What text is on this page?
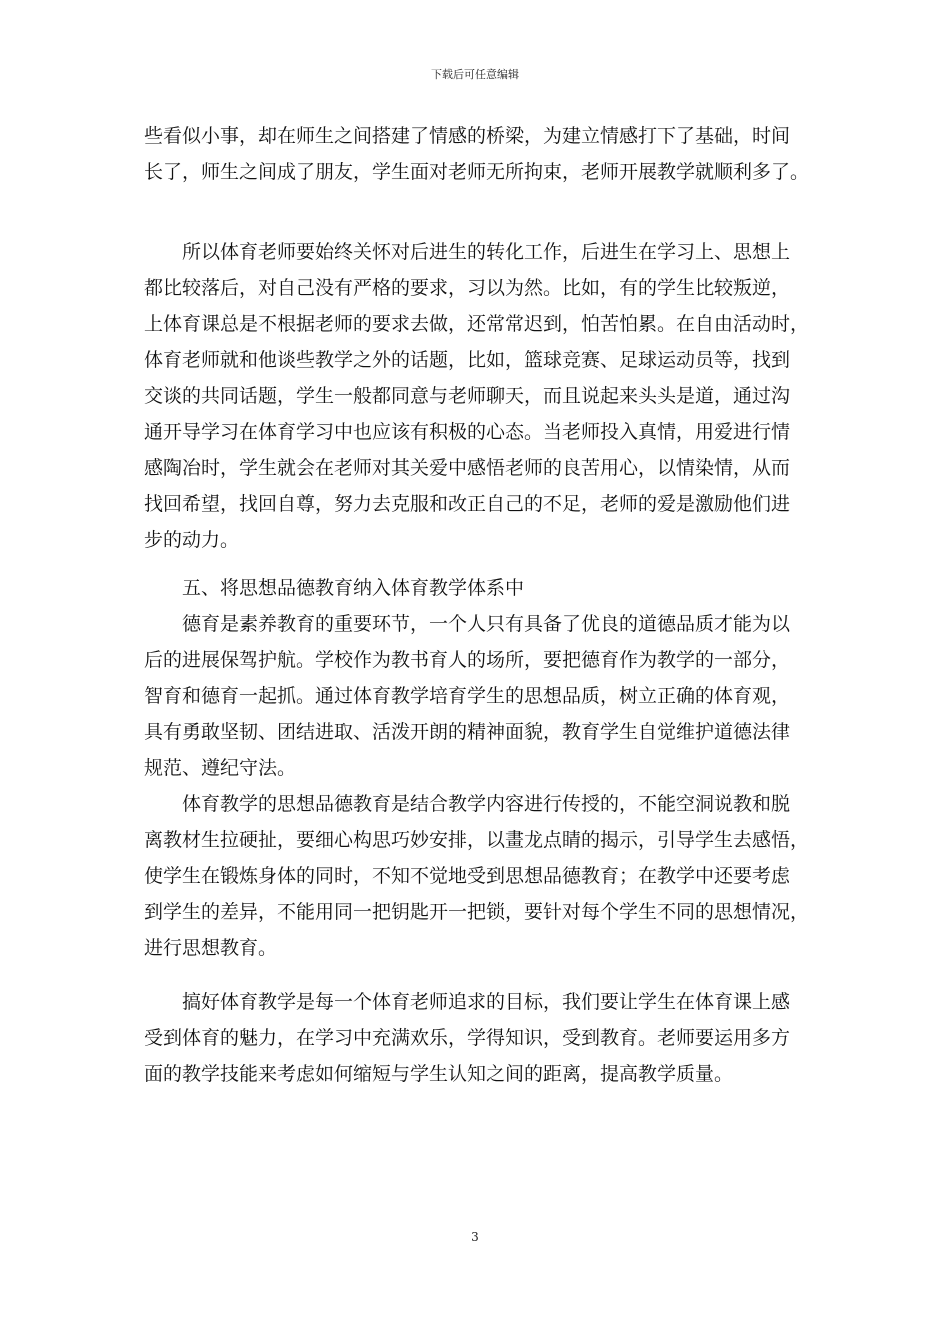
下载后可任意编辑
些看似小事，却在师生之间搭建了情感的桥梁，为建立情感打下了基础，时间
长了，师生之间成了朋友，学生面对老师无所拘束，老师开展教学就顺利多了。
所以体育老师要始终关怀对后进生的转化工作，后进生在学习上、思想上
都比较落后，对自己没有严格的要求，习以为然。比如，有的学生比较叛逆，
上体育课总是不根据老师的要求去做，还常常迟到，怕苦怕累。在自由活动时，
体育老师就和他谈些教学之外的话题，比如，篮球竞赛、足球运动员等，找到
交谈的共同话题，学生一般都同意与老师聊天，而且说起来头头是道，通过沟
通开导学习在体育学习中也应该有积极的心态。当老师投入真情，用爱进行情
感陶冶时，学生就会在老师对其关爱中感悟老师的良苦用心，以情染情，从而
找回希望，找回自尊，努力去克服和改正自己的不足，老师的爱是激励他们进
步的动力。
五、将思想品德教育纳入体育教学体系中
德育是素养教育的重要环节，一个人只有具备了优良的道德品质才能为以
后的进展保驾护航。学校作为教书育人的场所，要把德育作为教学的一部分，
智育和德育一起抓。通过体育教学培育学生的思想品质，树立正确的体育观，
具有勇敢坚韧、团结进取、活泼开朗的精神面貌，教育学生自觉维护道德法律
规范、遵纪守法。
体育教学的思想品德教育是结合教学内容进行传授的，不能空洞说教和脱
离教材生拉硬扯，要细心构思巧妙安排，以畫龙点睛的揭示，引导学生去感悟，
使学生在锻炼身体的同时，不知不觉地受到思想品德教育；在教学中还要考虑
到学生的差异，不能用同一把钥匙开一把锁，要针对每个学生不同的思想情况，
进行思想教育。
搞好体育教学是每一个体育老师追求的目标，我们要让学生在体育课上感
受到体育的魅力，在学习中充满欢乐，学得知识，受到教育。老师要运用多方
面的教学技能来考虑如何缩短与学生认知之间的距离，提高教学质量。
3
